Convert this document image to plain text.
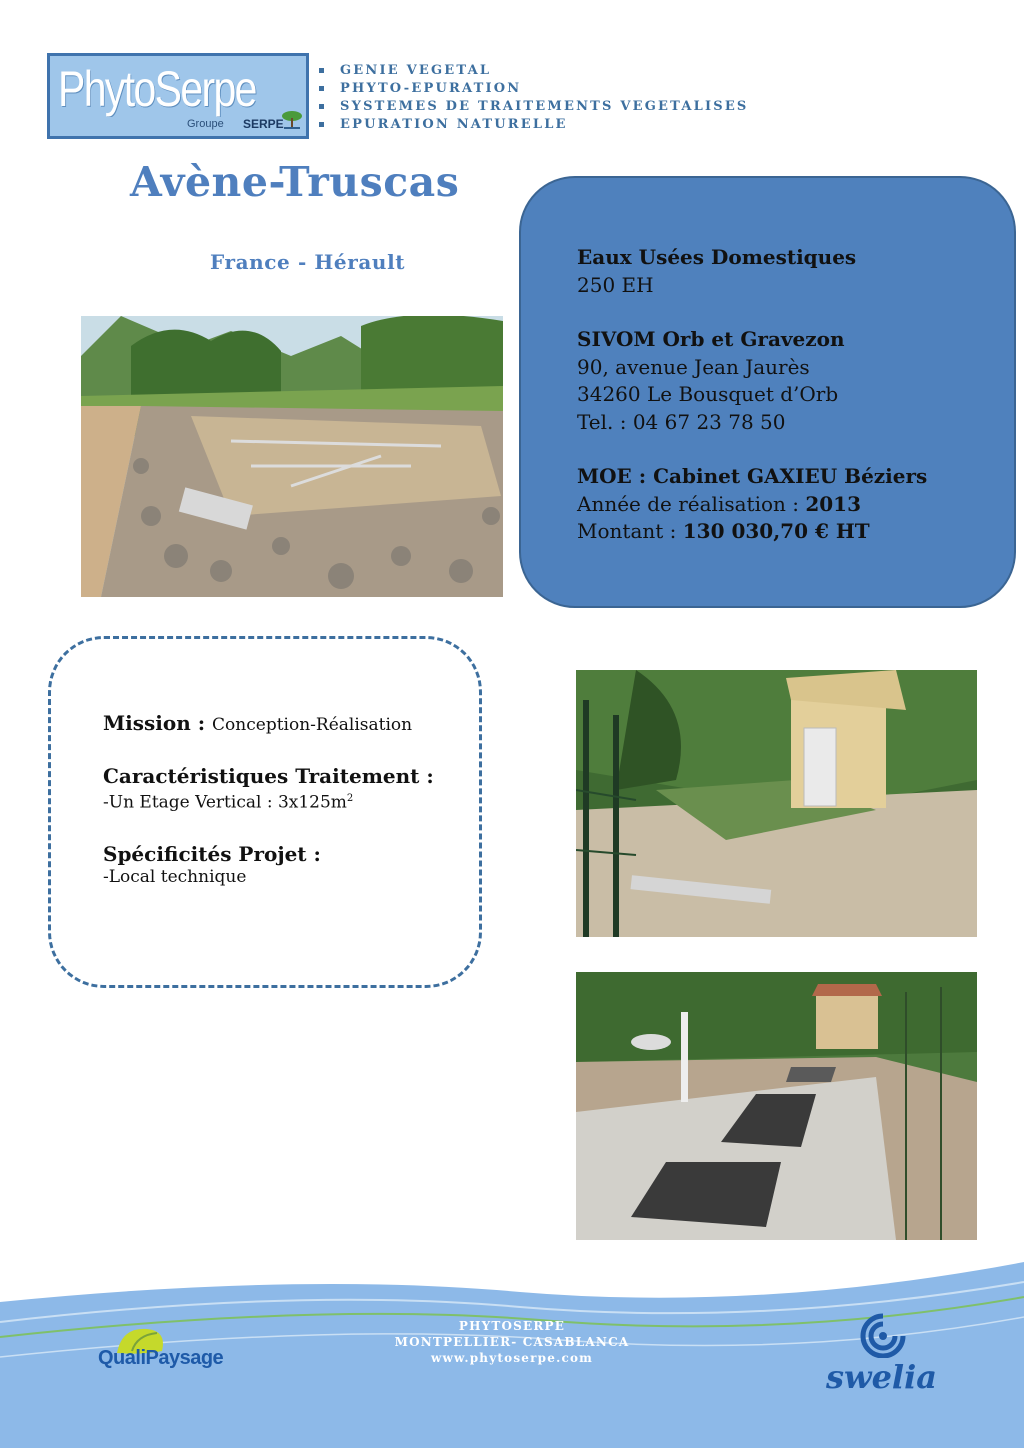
PhytoSerpe
Groupe SERPE
GENIE VEGETAL
PHYTO-EPURATION
SYSTEMES DE TRAITEMENTS VEGETALISES
EPURATION NATURELLE
Avène-Truscas
France - Hérault	Eaux Usées Domestiques

250 EH

SIVOM Orb et Gravezon

90, avenue Jean Jaurès

34260 Le Bousquet d’Orb

Tel. : 04 67 23 78 50

MOE : Cabinet GAXIEU Béziers

Année de réalisation : 2013

Montant : 130 030,70 € HT

Mission : Conception-Réalisation

Caractéristiques Traitement :

-Un Etage Vertical : $3x125m^2$

Spécificités Projet :

-Local technique

PHYTOSERPE

MONTPELLIER- CASABLANCA

www.phytoserpe.com

QualiPaysage	swelia
